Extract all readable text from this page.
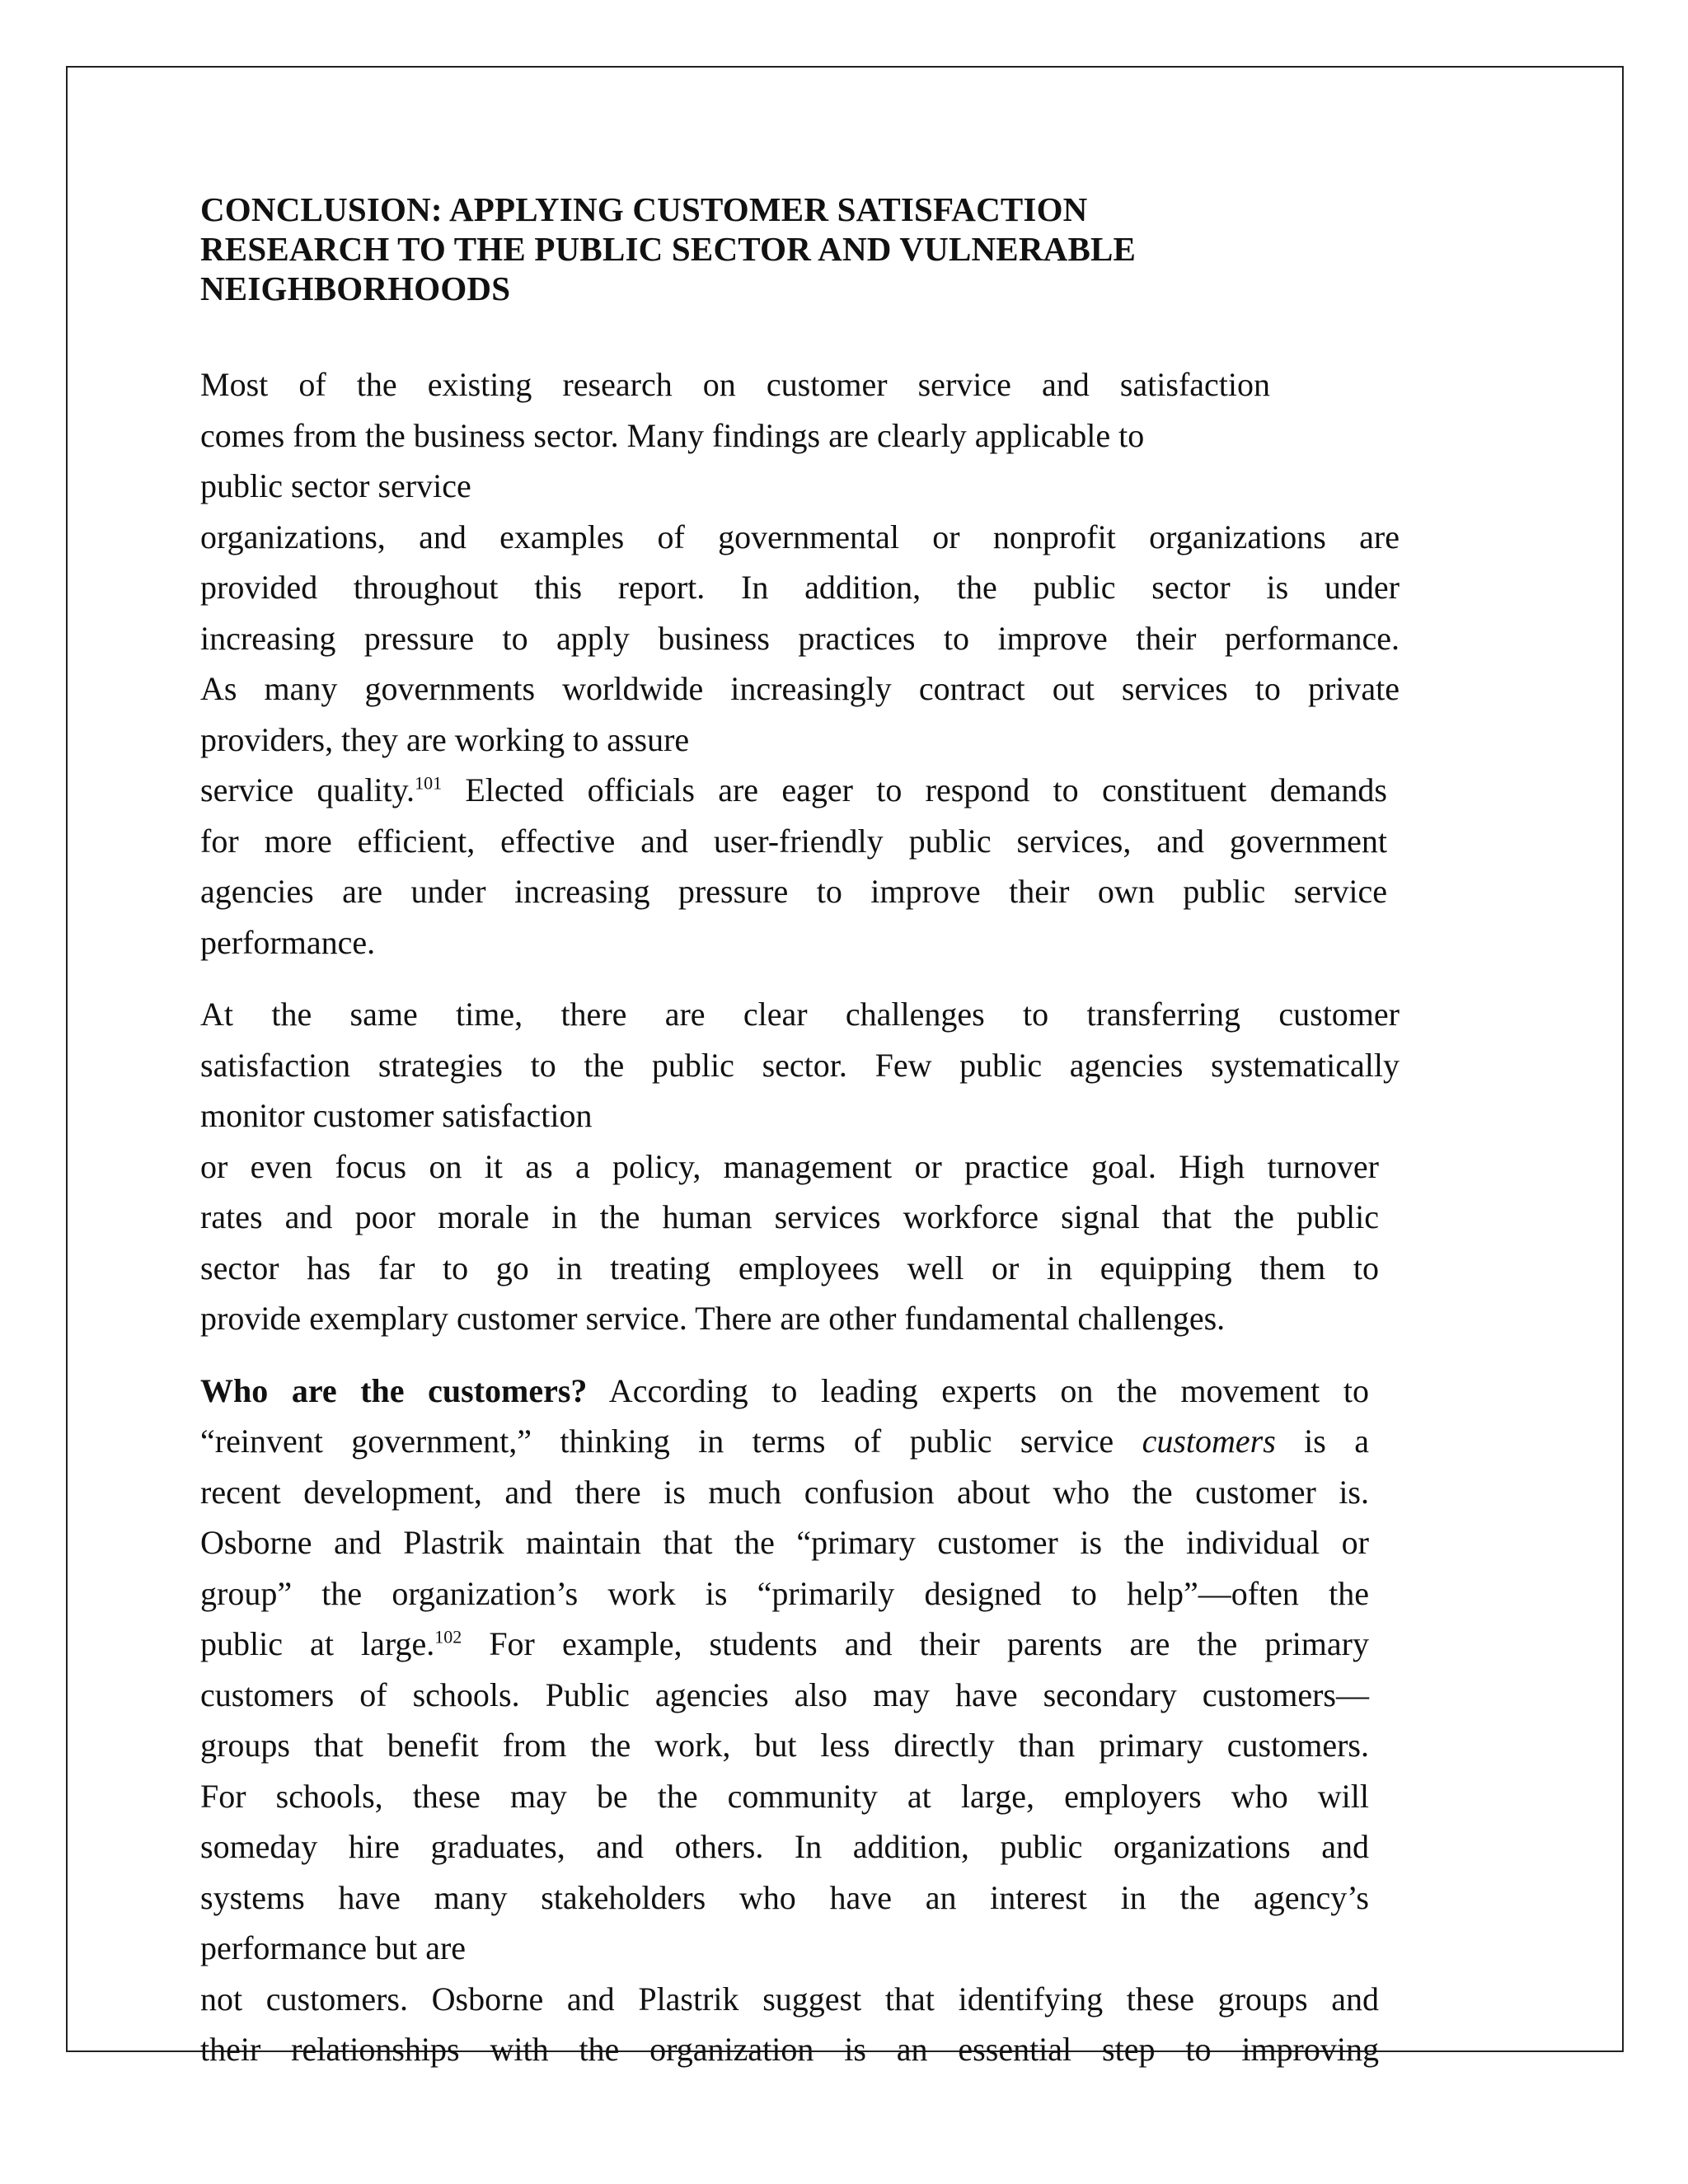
CONCLUSION: APPLYING CUSTOMER SATISFACTION
RESEARCH TO THE PUBLIC SECTOR AND VULNERABLE
NEIGHBORHOODS
Most of the existing research on customer service and satisfaction
comes from the business sector. Many findings are clearly applicable to
public sector service
organizations, and examples of governmental or nonprofit organizations are
provided throughout this report. In addition, the public sector is under
increasing pressure to apply business practices to improve their performance.
As many governments worldwide increasingly contract out services to private
providers, they are working to assure
service quality.$^{101}$ Elected officials are eager to respond to constituent demands
for more efficient, effective and user-friendly public services, and government
agencies are under increasing pressure to improve their own public service
performance.
At the same time, there are clear challenges to transferring customer
satisfaction strategies to the public sector. Few public agencies systematically
monitor customer satisfaction
or even focus on it as a policy, management or practice goal. High turnover
rates and poor morale in the human services workforce signal that the public
sector has far to go in treating employees well or in equipping them to
provide exemplary customer service. There are other fundamental challenges.
Who are the customers? According to leading experts on the movement to
“reinvent government,” thinking in terms of public service customers is a
recent development, and there is much confusion about who the customer is.
Osborne and Plastrik maintain that the “primary customer is the individual or
group” the organization’s work is “primarily designed to help”—often the
public at large.$^{102}$ For example, students and their parents are the primary
customers of schools. Public agencies also may have secondary customers—
groups that benefit from the work, but less directly than primary customers.
For schools, these may be the community at large, employers who will
someday hire graduates, and others. In addition, public organizations and
systems have many stakeholders who have an interest in the agency’s
performance but are
not customers. Osborne and Plastrik suggest that identifying these groups and
their relationships with the organization is an essential step to improving
